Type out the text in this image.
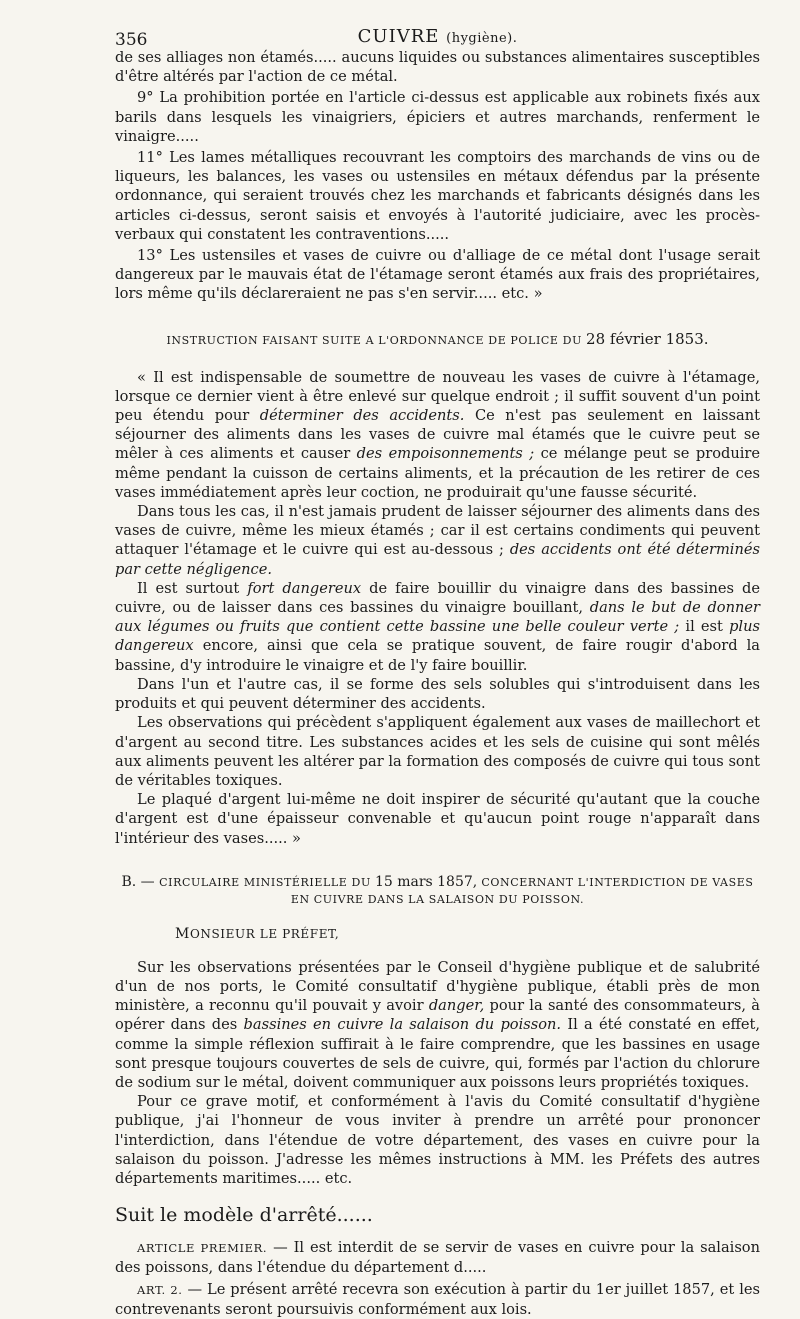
356	CUIVRE (hygiène).

de ses alliages non étamés..... aucuns liquides ou substances alimentaires susceptibles d'être altérés par l'action de ce métal.

9° La prohibition portée en l'article ci-dessus est applicable aux robinets fixés aux barils dans lesquels les vinaigriers, épiciers et autres marchands, renferment le vinaigre.....

11° Les lames métalliques recouvrant les comptoirs des marchands de vins ou de liqueurs, les balances, les vases ou ustensiles en métaux défendus par la présente ordonnance, qui seraient trouvés chez les marchands et fabricants désignés dans les articles ci-dessus, seront saisis et envoyés à l'autorité judiciaire, avec les procès-verbaux qui constatent les contraventions.....

13° Les ustensiles et vases de cuivre ou d'alliage de ce métal dont l'usage serait dangereux par le mauvais état de l'étamage seront étamés aux frais des propriétaires, lors même qu'ils déclareraient ne pas s'en servir..... etc. »

INSTRUCTION FAISANT SUITE A L'ORDONNANCE DE POLICE DU 28 février 1853.

« Il est indispensable de soumettre de nouveau les vases de cuivre à l'étamage, lorsque ce dernier vient à être enlevé sur quelque endroit ; il suffit souvent d'un point peu étendu pour déterminer des accidents. Ce n'est pas seulement en laissant séjourner des aliments dans les vases de cuivre mal étamés que le cuivre peut se mêler à ces aliments et causer des empoisonnements ; ce mélange peut se produire même pendant la cuisson de certains aliments, et la précaution de les retirer de ces vases immédiatement après leur coction, ne produirait qu'une fausse sécurité.

Dans tous les cas, il n'est jamais prudent de laisser séjourner des aliments dans des vases de cuivre, même les mieux étamés ; car il est certains condiments qui peuvent attaquer l'étamage et le cuivre qui est au-dessous ; des accidents ont été déterminés par cette négligence.

Il est surtout fort dangereux de faire bouillir du vinaigre dans des bassines de cuivre, ou de laisser dans ces bassines du vinaigre bouillant, dans le but de donner aux légumes ou fruits que contient cette bassine une belle couleur verte ; il est plus dangereux encore, ainsi que cela se pratique souvent, de faire rougir d'abord la bassine, d'y introduire le vinaigre et de l'y faire bouillir.

Dans l'un et l'autre cas, il se forme des sels solubles qui s'introduisent dans les produits et qui peuvent déterminer des accidents.

Les observations qui précèdent s'appliquent également aux vases de maillechort et d'argent au second titre. Les substances acides et les sels de cuisine qui sont mêlés aux aliments peuvent les altérer par la formation des composés de cuivre qui tous sont de véritables toxiques.

Le plaqué d'argent lui-même ne doit inspirer de sécurité qu'autant que la couche d'argent est d'une épaisseur convenable et qu'aucun point rouge n'apparaît dans l'intérieur des vases..... »

B. — CIRCULAIRE MINISTÉRIELLE DU 15 mars 1857, CONCERNANT L'INTERDICTION DE VASES EN CUIVRE DANS LA SALAISON DU POISSON.
MONSIEUR LE PRÉFET,

Sur les observations présentées par le Conseil d'hygiène publique et de salubrité d'un de nos ports, le Comité consultatif d'hygiène publique, établi près de mon ministère, a reconnu qu'il pouvait y avoir danger, pour la santé des consommateurs, à opérer dans des bassines en cuivre la salaison du poisson. Il a été constaté en effet, comme la simple réflexion suffirait à le faire comprendre, que les bassines en usage sont presque toujours couvertes de sels de cuivre, qui, formés par l'action du chlorure de sodium sur le métal, doivent communiquer aux poissons leurs propriétés toxiques.

Pour ce grave motif, et conformément à l'avis du Comité consultatif d'hygiène publique, j'ai l'honneur de vous inviter à prendre un arrêté pour prononcer l'interdiction, dans l'étendue de votre département, des vases en cuivre pour la salaison du poisson. J'adresse les mêmes instructions à MM. les Préfets des autres départements maritimes..... etc.

Suit le modèle d'arrêté......

ARTICLE PREMIER. — Il est interdit de se servir de vases en cuivre pour la salaison des poissons, dans l'étendue du département d.....

ART. 2. — Le présent arrêté recevra son exécution à partir du 1er juillet 1857, et les contrevenants seront poursuivis conformément aux lois.
